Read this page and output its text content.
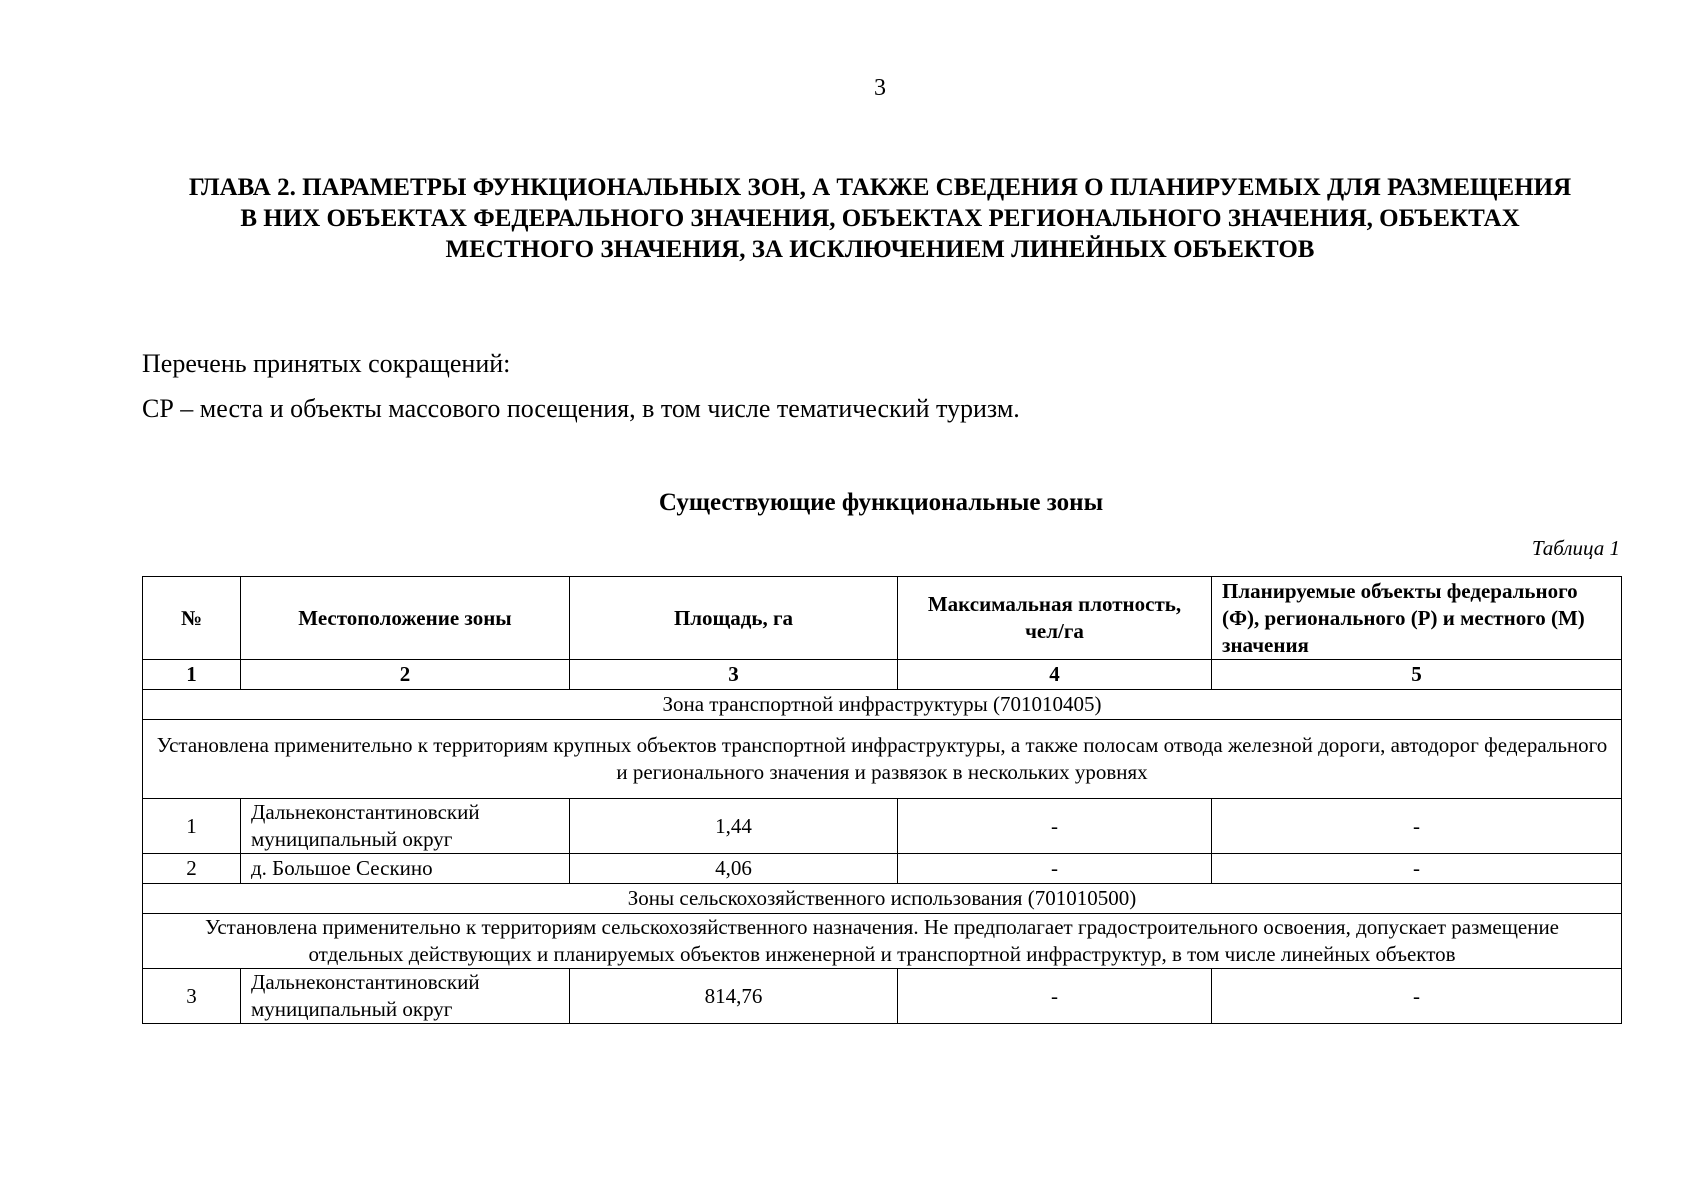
3
ГЛАВА 2. ПАРАМЕТРЫ ФУНКЦИОНАЛЬНЫХ ЗОН, А ТАКЖЕ СВЕДЕНИЯ О ПЛАНИРУЕМЫХ ДЛЯ РАЗМЕЩЕНИЯ В НИХ ОБЪЕКТАХ ФЕДЕРАЛЬНОГО ЗНАЧЕНИЯ, ОБЪЕКТАХ РЕГИОНАЛЬНОГО ЗНАЧЕНИЯ, ОБЪЕКТАХ МЕСТНОГО ЗНАЧЕНИЯ, ЗА ИСКЛЮЧЕНИЕМ ЛИНЕЙНЫХ ОБЪЕКТОВ

Перечень принятых сокращений:

СР – места и объекты массового посещения, в том числе тематический туризм.

Существующие функциональные зоны
Таблица 1
№	Местоположение зоны	Площадь, га	Максимальная плотность, чел/га	Планируемые объекты федерального (Ф), регионального (Р) и местного (М) значения
1	2	3	4	5
Зона транспортной инфраструктуры (701010405)				
Установлена применительно к территориям крупных объектов транспортной инфраструктуры, а также полосам отвода железной дороги, автодорог федерального и регионального значения и развязок в нескольких уровнях				
1	Дальнеконстантиновский муниципальный округ	1,44	-	-
2	д. Большое Сескино	4,06	-	-
Зоны сельскохозяйственного использования (701010500)				
Установлена применительно к территориям сельскохозяйственного назначения. Не предполагает градостроительного освоения, допускает размещение отдельных действующих и планируемых объектов инженерной и транспортной инфраструктур, в том числе линейных объектов				
3	Дальнеконстантиновский муниципальный округ	814,76	-	-
